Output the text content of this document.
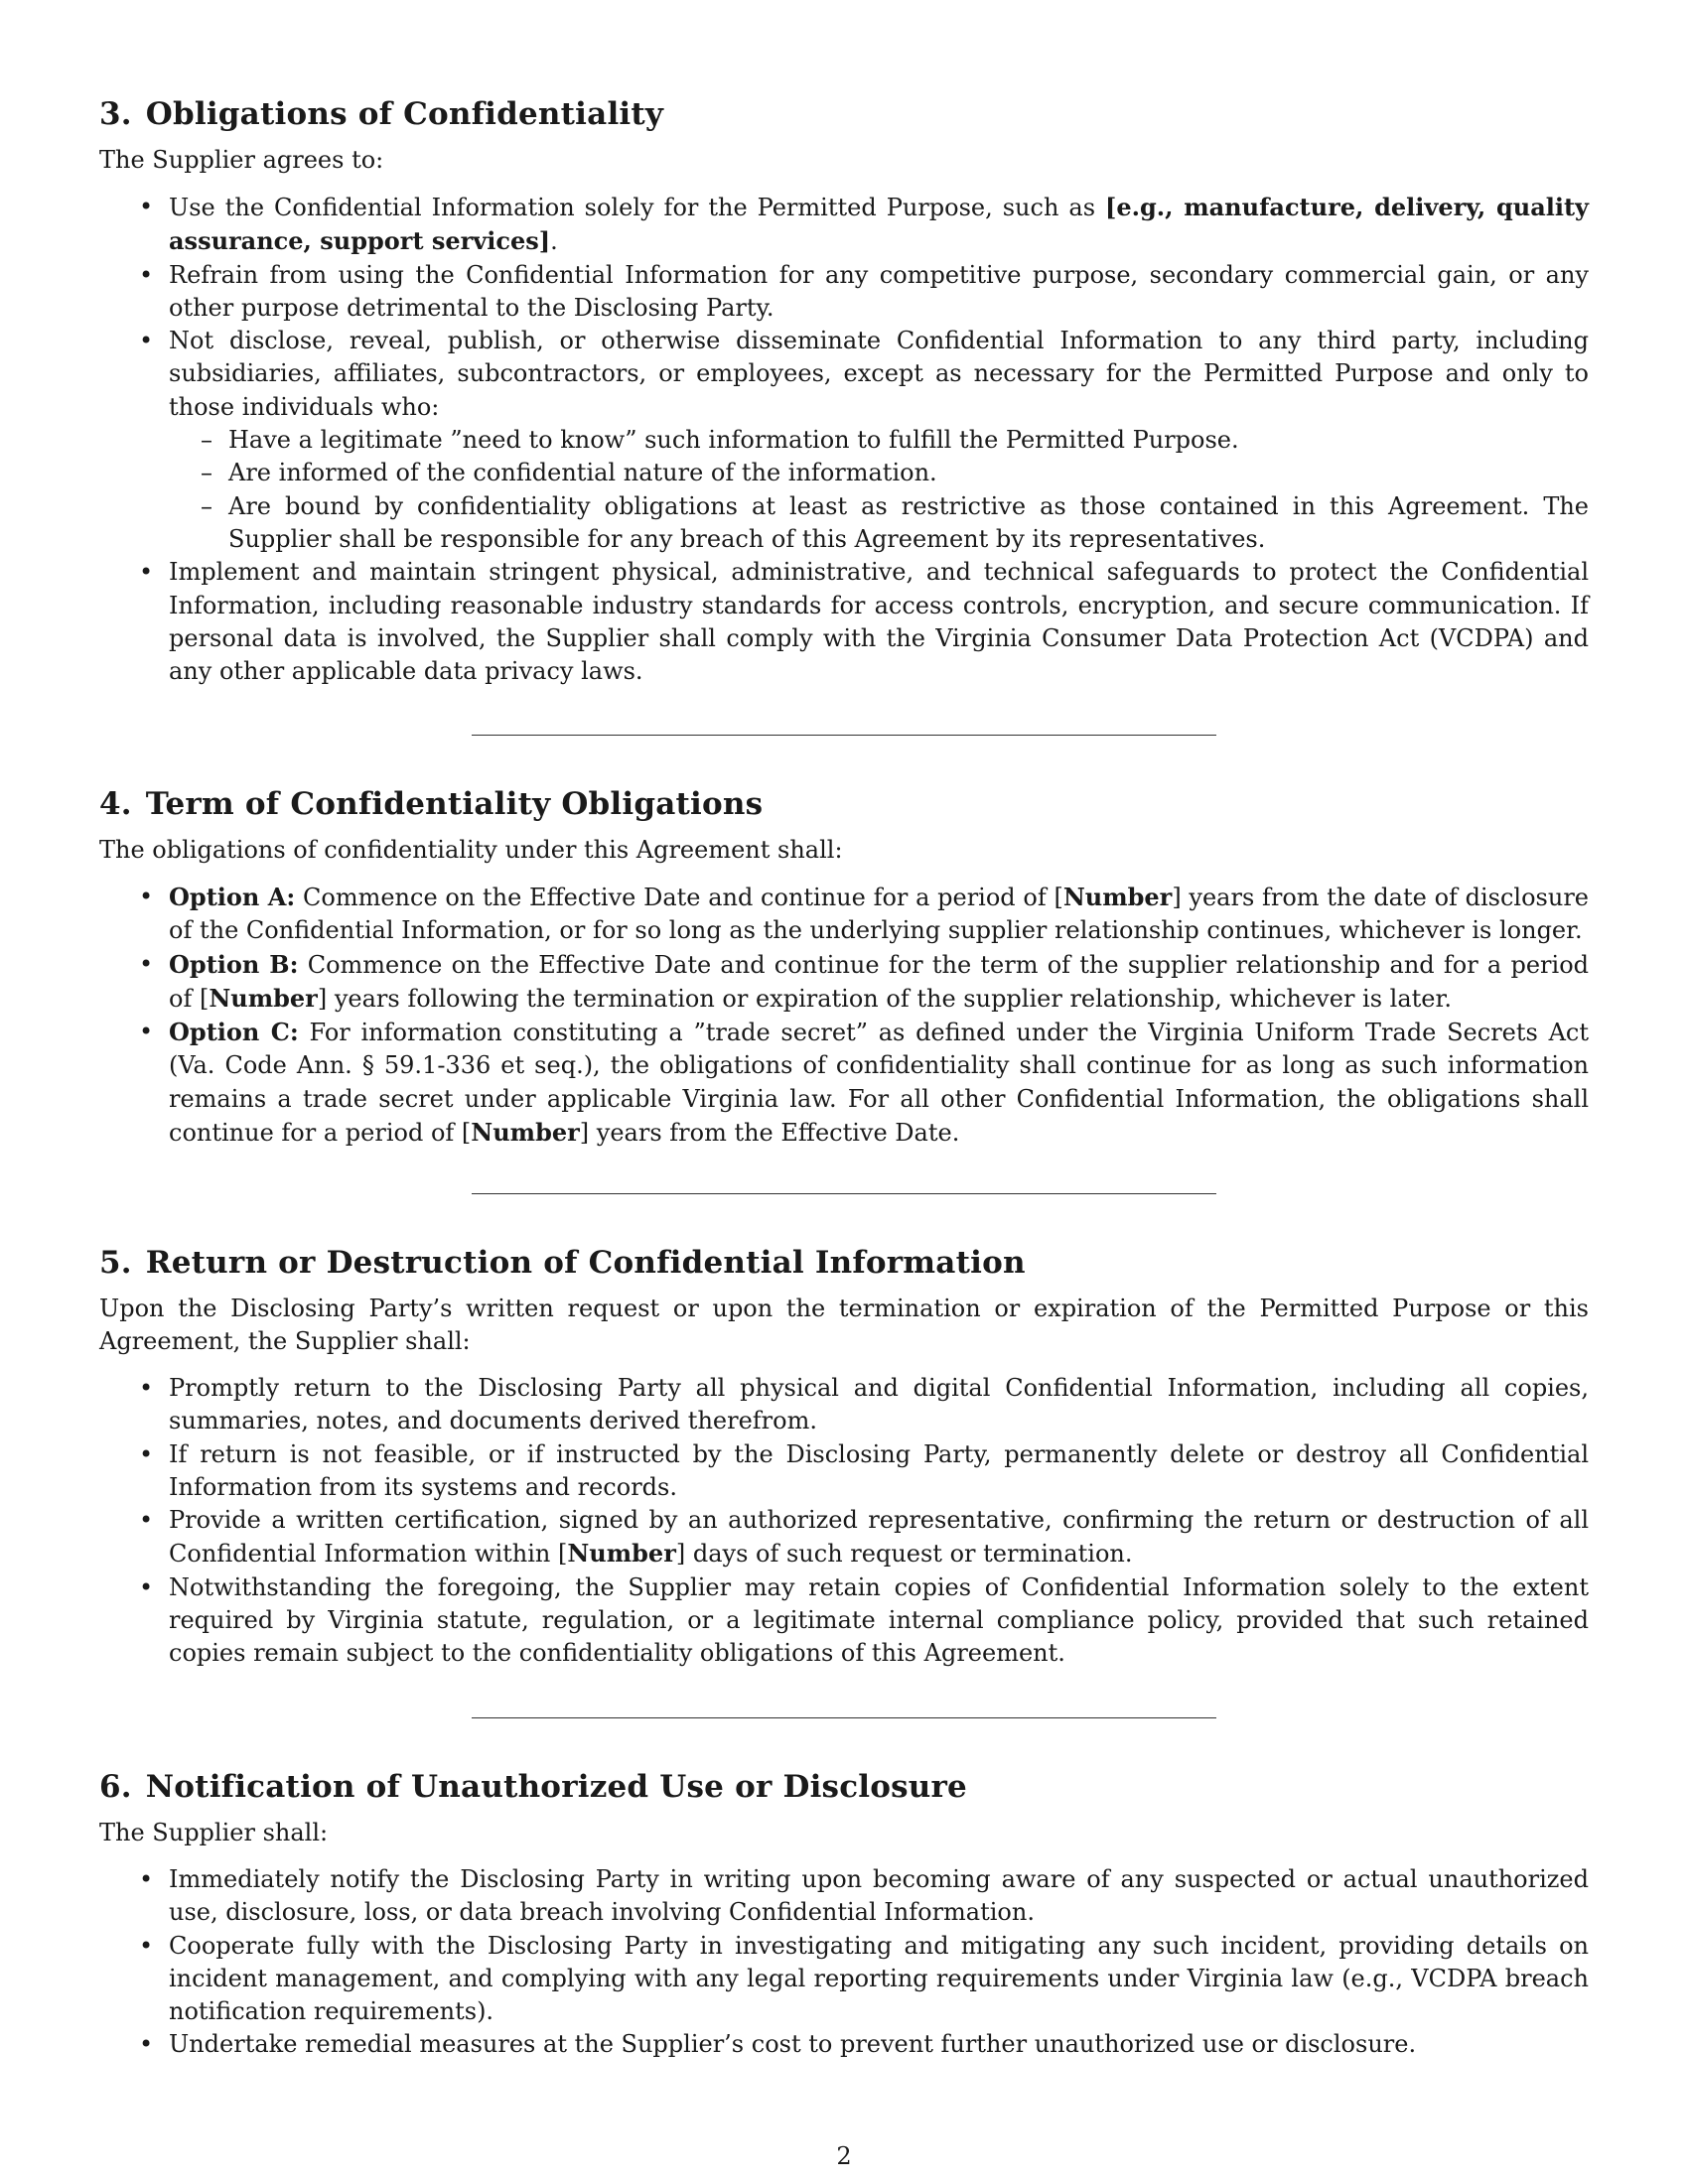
3. Obligations of Confidentiality

The Supplier agrees to:

• Use the Confidential Information solely for the Permitted Purpose, such as [e.g., manufacture, delivery, quality assurance, support services].
• Refrain from using the Confidential Information for any competitive purpose, secondary commercial gain, or any other purpose detrimental to the Disclosing Party.
• Not disclose, reveal, publish, or otherwise disseminate Confidential Information to any third party, including subsidiaries, affiliates, subcontractors, or employees, except as necessary for the Permitted Purpose and only to those individuals who:
– Have a legitimate ”need to know” such information to fulfill the Permitted Purpose.
– Are informed of the confidential nature of the information.
– Are bound by confidentiality obligations at least as restrictive as those contained in this Agreement. The Supplier shall be responsible for any breach of this Agreement by its representatives.
• Implement and maintain stringent physical, administrative, and technical safeguards to protect the Confidential Information, including reasonable industry standards for access controls, encryption, and secure communication. If personal data is involved, the Supplier shall comply with the Virginia Consumer Data Protection Act (VCDPA) and any other applicable data privacy laws.
4. Term of Confidentiality Obligations

The obligations of confidentiality under this Agreement shall:

• Option A: Commence on the Effective Date and continue for a period of [Number] years from the date of disclosure of the Confidential Information, or for so long as the underlying supplier relationship continues, whichever is longer.
• Option B: Commence on the Effective Date and continue for the term of the supplier relationship and for a period of [Number] years following the termination or expiration of the supplier relationship, whichever is later.
• Option C: For information constituting a ”trade secret” as defined under the Virginia Uniform Trade Secrets Act (Va. Code Ann. § 59.1-336 et seq.), the obligations of confidentiality shall continue for as long as such information remains a trade secret under applicable Virginia law. For all other Confidential Information, the obligations shall continue for a period of [Number] years from the Effective Date.
5. Return or Destruction of Confidential Information

Upon the Disclosing Party’s written request or upon the termination or expiration of the Permitted Purpose or this Agreement, the Supplier shall:

• Promptly return to the Disclosing Party all physical and digital Confidential Information, including all copies, summaries, notes, and documents derived therefrom.
• If return is not feasible, or if instructed by the Disclosing Party, permanently delete or destroy all Confidential Information from its systems and records.
• Provide a written certification, signed by an authorized representative, confirming the return or destruction of all Confidential Information within [Number] days of such request or termination.
• Notwithstanding the foregoing, the Supplier may retain copies of Confidential Information solely to the extent required by Virginia statute, regulation, or a legitimate internal compliance policy, provided that such retained copies remain subject to the confidentiality obligations of this Agreement.
6. Notification of Unauthorized Use or Disclosure

The Supplier shall:

• Immediately notify the Disclosing Party in writing upon becoming aware of any suspected or actual unauthorized use, disclosure, loss, or data breach involving Confidential Information.
• Cooperate fully with the Disclosing Party in investigating and mitigating any such incident, providing details on incident management, and complying with any legal reporting requirements under Virginia law (e.g., VCDPA breach notification requirements).
• Undertake remedial measures at the Supplier’s cost to prevent further unauthorized use or disclosure.
2
